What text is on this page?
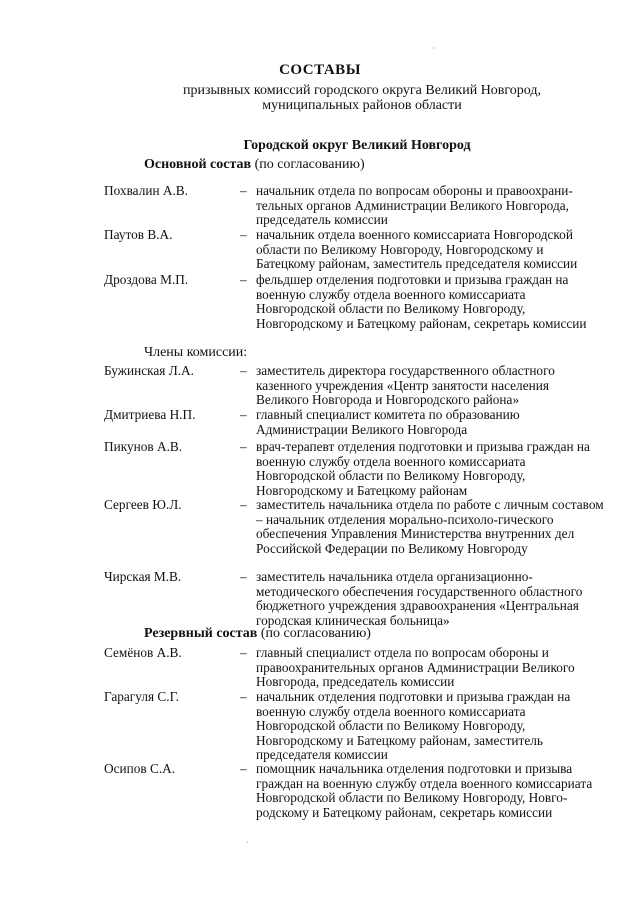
СОСТАВЫ
призывных комиссий городского округа Великий Новгород,
муниципальных районов области
Городской округ Великий Новгород
Основной состав (по согласованию)
Похвалин А.В.	– начальник отдела по вопросам обороны и правоохрани-тельных органов Администрации Великого Новгорода, председатель комиссии
Паутов В.А.	– начальник отдела военного комиссариата Новгородской области по Великому Новгороду, Новгородскому и Батецкому районам, заместитель председателя комиссии
Дроздова М.П.	– фельдшер отделения подготовки и призыва граждан на военную службу отдела военного комиссариата Новгородской области по Великому Новгороду, Новгородскому и Батецкому районам, секретарь комиссии
Члены комиссии:
Бужинская Л.А.	– заместитель директора государственного областного казенного учреждения «Центр занятости населения Великого Новгорода и Новгородского района»
Дмитриева Н.П.	– главный специалист комитета по образованию Администрации Великого Новгорода
Пикунов А.В.	– врач-терапевт отделения подготовки и призыва граждан на военную службу отдела военного комиссариата Новгородской области по Великому Новгороду, Новгородскому и Батецкому районам
Сергеев Ю.Л.	– заместитель начальника отдела по работе с личным составом – начальник отделения морально-психоло-гического обеспечения Управления Министерства внутренних дел Российской Федерации по Великому Новгороду
Чирская М.В.	– заместитель начальника отдела организационно-методического обеспечения государственного областного бюджетного учреждения здравоохранения «Центральная городская клиническая больница»
Резервный состав (по согласованию)
Семёнов А.В.	– главный специалист отдела по вопросам обороны и правоохранительных органов Администрации Великого Новгорода, председатель комиссии
Гарагуля С.Г.	– начальник отделения подготовки и призыва граждан на военную службу отдела военного комиссариата Новгородской области по Великому Новгороду, Новгородскому и Батецкому районам, заместитель председателя комиссии
Осипов С.А.	– помощник начальника отделения подготовки и призыва граждан на военную службу отдела военного комиссариата Новгородской области по Великому Новгороду, Новго-родскому и Батецкому районам, секретарь комиссии
·
·
